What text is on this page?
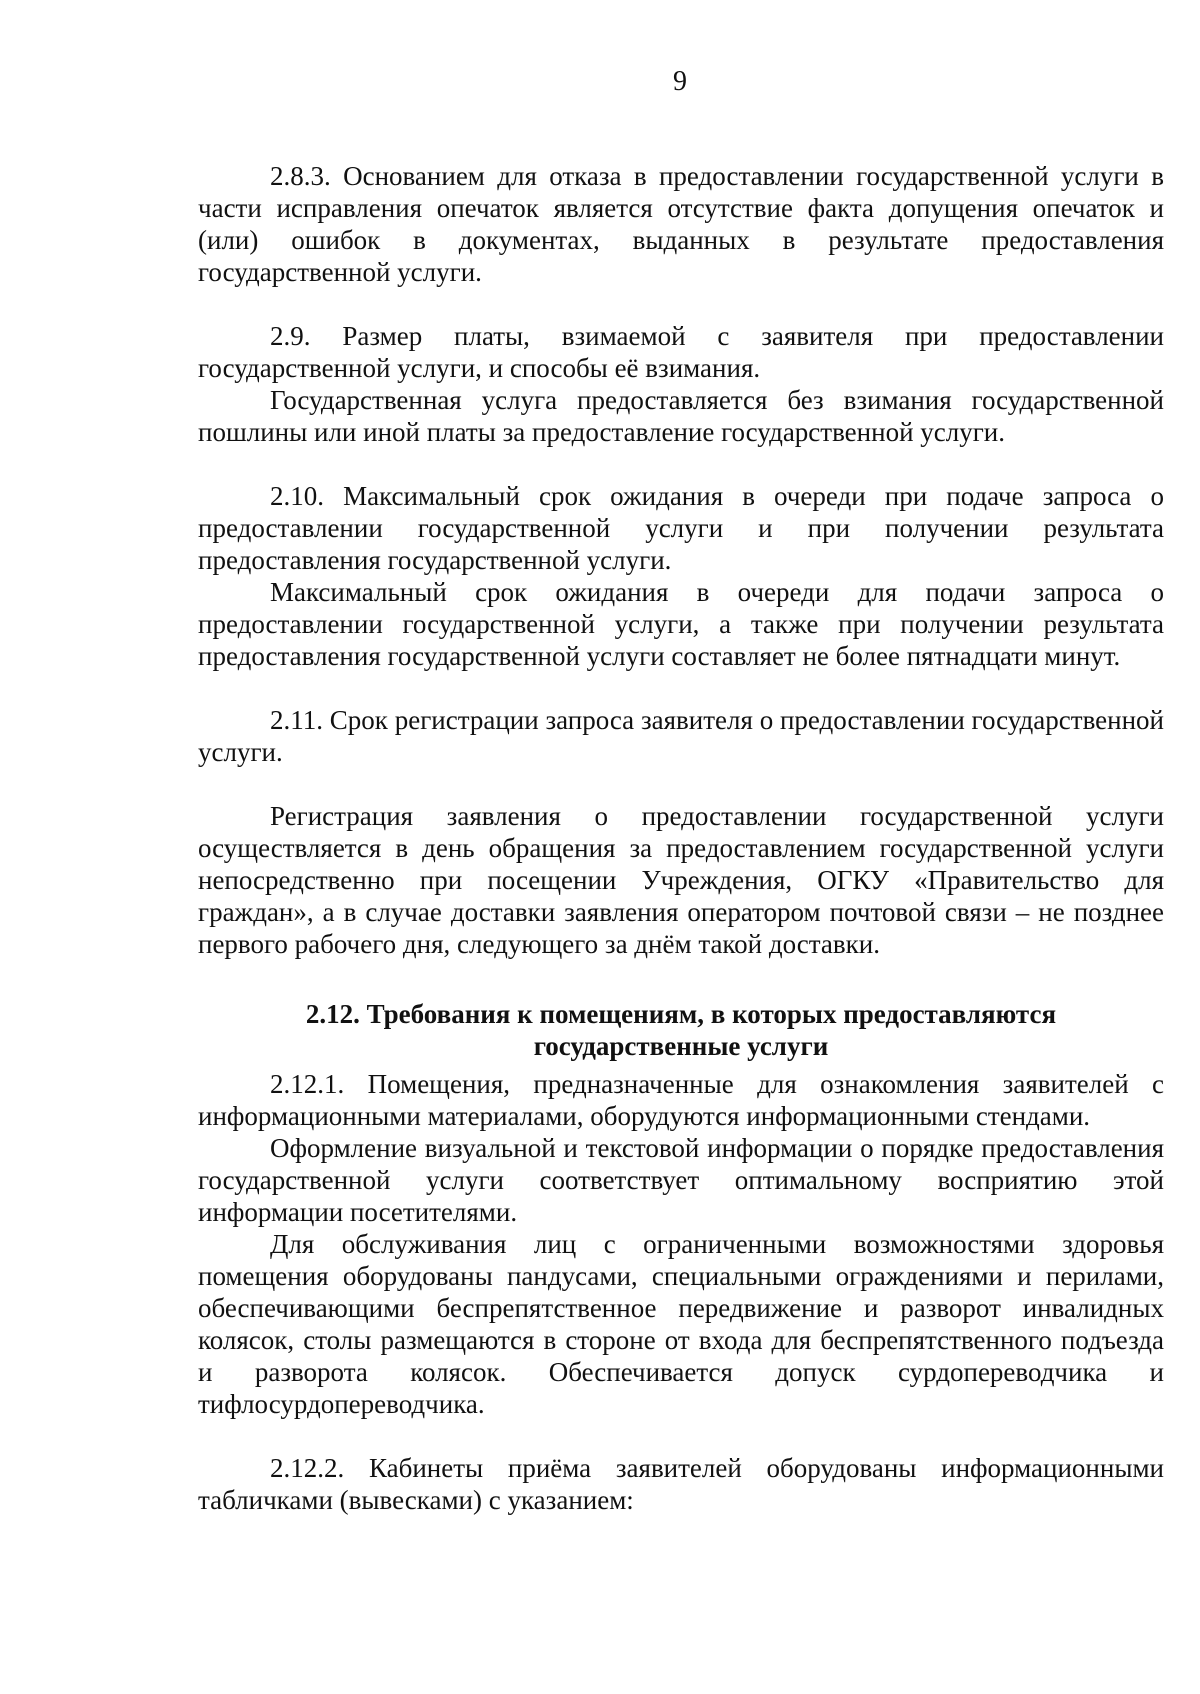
9

2.8.3. Основанием для отказа в предоставлении государственной услуги в части исправления опечаток является отсутствие факта допущения опечаток и (или) ошибок в документах, выданных в результате предоставления государственной услуги.

2.9. Размер платы, взимаемой с заявителя при предоставлении государственной услуги, и способы её взимания.

Государственная услуга предоставляется без взимания государственной пошлины или иной платы за предоставление государственной услуги.

2.10. Максимальный срок ожидания в очереди при подаче запроса о предоставлении государственной услуги и при получении результата предоставления государственной услуги.

Максимальный срок ожидания в очереди для подачи запроса о предоставлении государственной услуги, а также при получении результата предоставления государственной услуги составляет не более пятнадцати минут.

2.11. Срок регистрации запроса заявителя о предоставлении государственной услуги.

Регистрация заявления о предоставлении государственной услуги осуществляется в день обращения за предоставлением государственной услуги непосредственно при посещении Учреждения, ОГКУ «Правительство для граждан», а в случае доставки заявления оператором почтовой связи – не позднее первого рабочего дня, следующего за днём такой доставки.

2.12. Требования к помещениям, в которых предоставляются государственные услуги

2.12.1. Помещения, предназначенные для ознакомления заявителей с информационными материалами, оборудуются информационными стендами.

Оформление визуальной и текстовой информации о порядке предоставления государственной услуги соответствует оптимальному восприятию этой информации посетителями.

Для обслуживания лиц с ограниченными возможностями здоровья помещения оборудованы пандусами, специальными ограждениями и перилами, обеспечивающими беспрепятственное передвижение и разворот инвалидных колясок, столы размещаются в стороне от входа для беспрепятственного подъезда и разворота колясок. Обеспечивается допуск сурдопереводчика и тифлосурдопереводчика.

2.12.2. Кабинеты приёма заявителей оборудованы информационными табличками (вывесками) с указанием:
